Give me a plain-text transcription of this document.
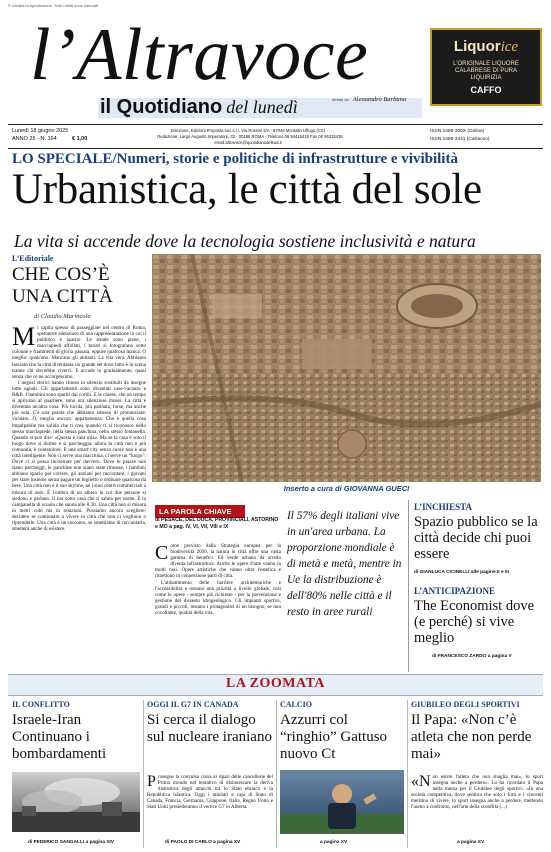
© Vietata la riproduzione. Tutti i diritti sono riservati
l’Altravoce
il Quotidiano del lunedì	diretto da Alessandro Barbano
Liquorice
L’ORIGINALE LIQUORE
CALABRESE DI PURA
LIQUIRIZIA
CAFFO
Lunedì 18 giugno 2025
ANNO 25 - N. 164	€ 1,00
Direzione, Edizioni Proposta soc.s.r.l. Via Rossini 3/A - 87046 Montalto Uffugo (CS)
Redazione: Largo Augusto Imperatore, 32 - 00186 ROMA - Telefono 06 94415418 Fax 06 94415435
email:altravoce@quotidianodelsud.it
ISSN 2499-300X (Online)
ISSN 2499-3441 (Cartaceo)
LO SPECIALE/Numeri, storie e politiche di infrastrutture e vivibilità
Urbanistica, le città del sole
La vita si accende dove la tecnologia sostiene inclusività e natura
L’Editoriale
CHE COS’È
UNA CITTÀ
di Claudio Marincola
M i capita spesso di passeggiare nel centro di Roma, spettatore silenzioso di una rappresentazione in cui il pubblico è sparito. Le strade sono piene, i marciapiedi affollati, i turisti si fotografano sotto colonne e frammenti di gloria passata, eppure qualcosa manca. O meglio: qualcuno. Mancano gli abitanti. La vita vera. Abbiamo lasciato che la città diventasse un grande set dove tutto è in scena tranne chi dovrebbe viverci. E accade lo gradualmente, quasi senza che ce ne accorgessimo.

I negozi storici hanno chiuso in silenzio sostituiti da insegne tutte uguali. Gli appartamenti sono diventati case-vacanze e B&B. I bambini sono spariti dai cortili. E le chiese, che un tempo si aprivano al quartiere, sono ora silenziose musei. La città è diventata un'altra cosa. Più lucida, più patinata, forse, ma anche più sola. C'è una parola che abbiamo smesso di pronunciare: vicinato. O, meglio ancora: appartenenza. Che è quella cosa impalpabile ma solida che ti crea quando ci si riconosce nello stesso marciapiede, nella stessa panchina, nello stesso fontanella. Quando si può dire: «Questa è casa mia». Ma se la casa è solo il luogo dove si dorme e si parcheggia, allora la città non è più comunità, è contenitore. E una smart city senza cuore non è una città intelligente. Non ci serve una macchina, ci serve un “luogo”. Dove ci si possa incontrare per davvero. Dove le piazze non siano parcheggi, le panchine non siano state rimosse, i bambini abbiano spazio per correre, gli anziani per raccontare, i giovani per stare insieme senza pagare un biglietto o ordinare qualcosa da bere. Una città non è il suo skyline, né i suoi centri commerciali a misura di auto. È l'ombra di un albero in cui due persone si siedono e parlano. Il bar sotto casa che ti saluta per nome. È la campanella di scuola che suona alle 8,30. Una città non si misura in metri cubi ma in relazioni. Possiamo ancora scegliere: decidere se continuare a vivere in città che non ci vogliono o riprenderle. Una città è un racconto, se smettiamo di raccontarla, smetterà anche di esistere.

Inserto a cura di GIOVANNA GUECI
LA PAROLA CHIAVE
di PESACE, DEL DUCA, PROVINCIALI, ASTORINO e MO a pag. IV, VI, VII, VIII e IX
C ome previsto dalla Strategia europea per la biodiversità 2030, la natura in città offre una vasta gamma di benefici. Ed verde urbano da arredo diventa infrastruttura. Anche le opere d'arte vanno in molti casi. Opere artistiche che vanno oltre l'estetica e rimettono in connessione parti di città.

L'abbattimento delle barriere architettoniche e l'accessibilità e restano una priorità a livello globale, così come le opere - sempre più richieste - per la prevenzione e gestione del dissesto idrogeologico. Gli impianti sportivi, grandi e piccoli, restano i protagonisti di un bisogno, se non cocollante, qualità della vita.

Il 57% degli italiani vive in un'area urbana. La proporzione mondiale è di metà e metà, mentre in Ue la distribuzione è dell'80% nelle città e il resto in aree rurali
L’INCHIESTA
Spazio pubblico se la città decide chi puoi essere
di GIANLUCA CICINELLI alle pagine II e III
L’ANTICIPAZIONE
The Economist dove (e perché) si vive meglio
di FRANCESCO ZARDO a pagina V
LA ZOOMATA
IL CONFLITTO
Israele-Iran Continuano i bombardamenti
di FEDERICO SANGALLI a pagina XIV
OGGI IL G7 IN CANADA
Si cerca il dialogo sul nucleare iraniano
P rosegue la convulsa corsa ai ripari delle cancellerie del Primo mondo nel tentativo di disinnescare la deriva distruttiva degli attacchi tra lo Stato ebraico e la Repubblica islamica. Oggi i ministri e capi di Stato di Canada, Francia, Germania, Giappone, Italia, Regno Unito e Stati Uniti presiederanno il vertice G7 in Alberta.
di PAOLO DI CARLO a pagina XV
CALCIO
Azzurri col “ringhio” Gattuso nuovo Ct
a pagina XV
GIUBILEO DEGLI SPORTIVI
Il Papa: «Non c’è atleta che non perde mai»
«N on esiste l'atleta che non sbaglia mai», lo sport insegna anche a perdere». Lo ha ricordato il Papa nella messa per il Giubileo degli sportivi. «In una società competitiva, dove sembra che solo i forti e i vincenti meritino di vivere, lo sport insegna anche a perdere, mettendo l'uomo a confronto, nell'arte della sconfitta (...)
a pagina XV
